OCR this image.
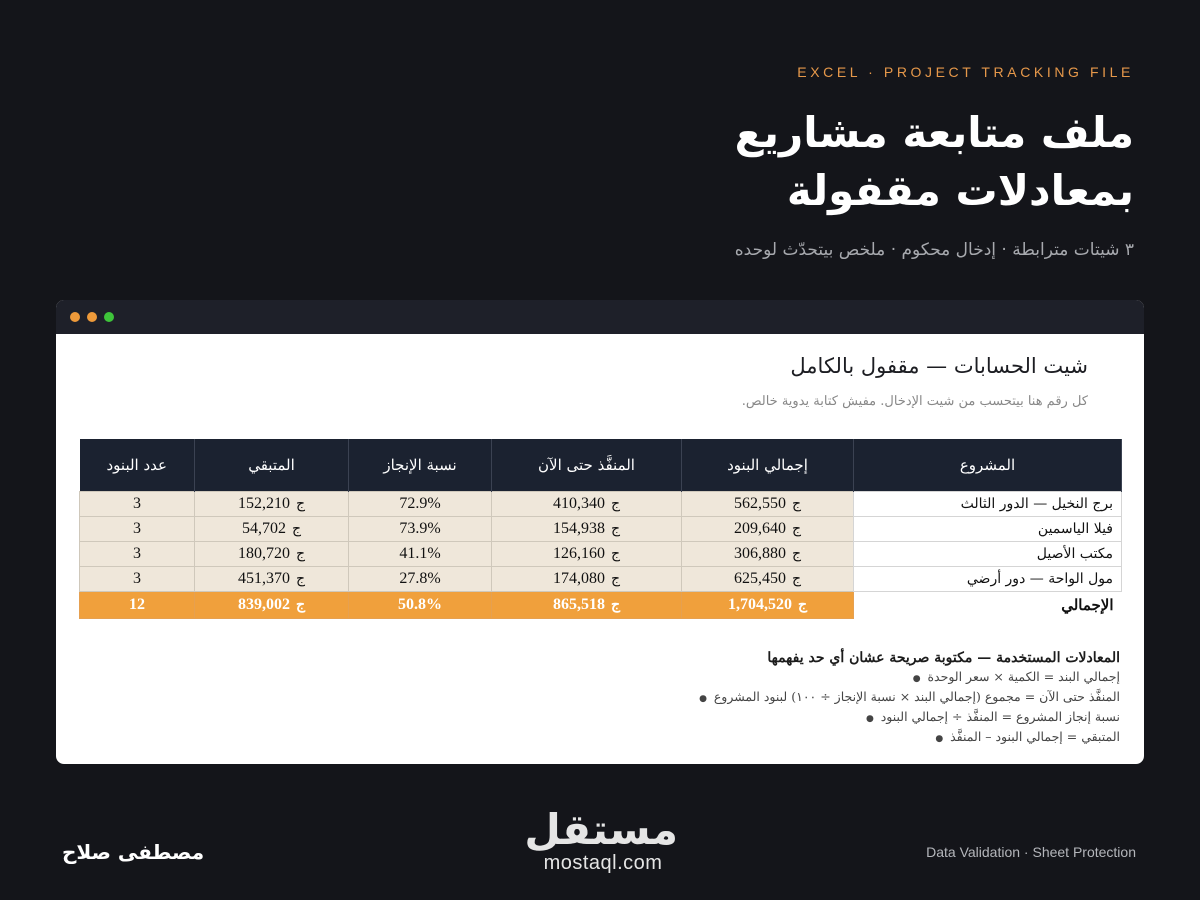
EXCEL · PROJECT TRACKING FILE
ملف متابعة مشاريع
بمعادلات مقفولة
٣ شيتات مترابطة · إدخال محكوم · ملخص بيتحدّث لوحده
شيت الحسابات — مقفول بالكامل
كل رقم هنا بيتحسب من شيت الإدخال. مفيش كتابة يدوية خالص.
المشروع	إجمالي البنود	المنفَّذ حتى الآن	نسبة الإنجاز	المتبقي	عدد البنود
برج النخيل — الدور الثالث	ج562,550	ج410,340	72.9%	ج152,210	3
فيلا الياسمين	ج209,640	ج154,938	73.9%	ج54,702	3
مكتب الأصيل	ج306,880	ج126,160	41.1%	ج180,720	3
مول الواحة — دور أرضي	ج625,450	ج174,080	27.8%	ج451,370	3
الإجمالي	ج1,704,520	ج865,518	50.8%	ج839,002	12
المعادلات المستخدمة — مكتوبة صريحة عشان أي حد يفهمها
إجمالي البند = الكمية × سعر الوحدة ●
المنفَّذ حتى الآن = مجموع (إجمالي البند × نسبة الإنجاز ÷ ١٠٠) لبنود المشروع ●
نسبة إنجاز المشروع = المنفَّذ ÷ إجمالي البنود ●
المتبقي = إجمالي البنود – المنفَّذ ●
مصطفى صلاح	مستقل
mostaql.com	Data Validation · Sheet Protection
